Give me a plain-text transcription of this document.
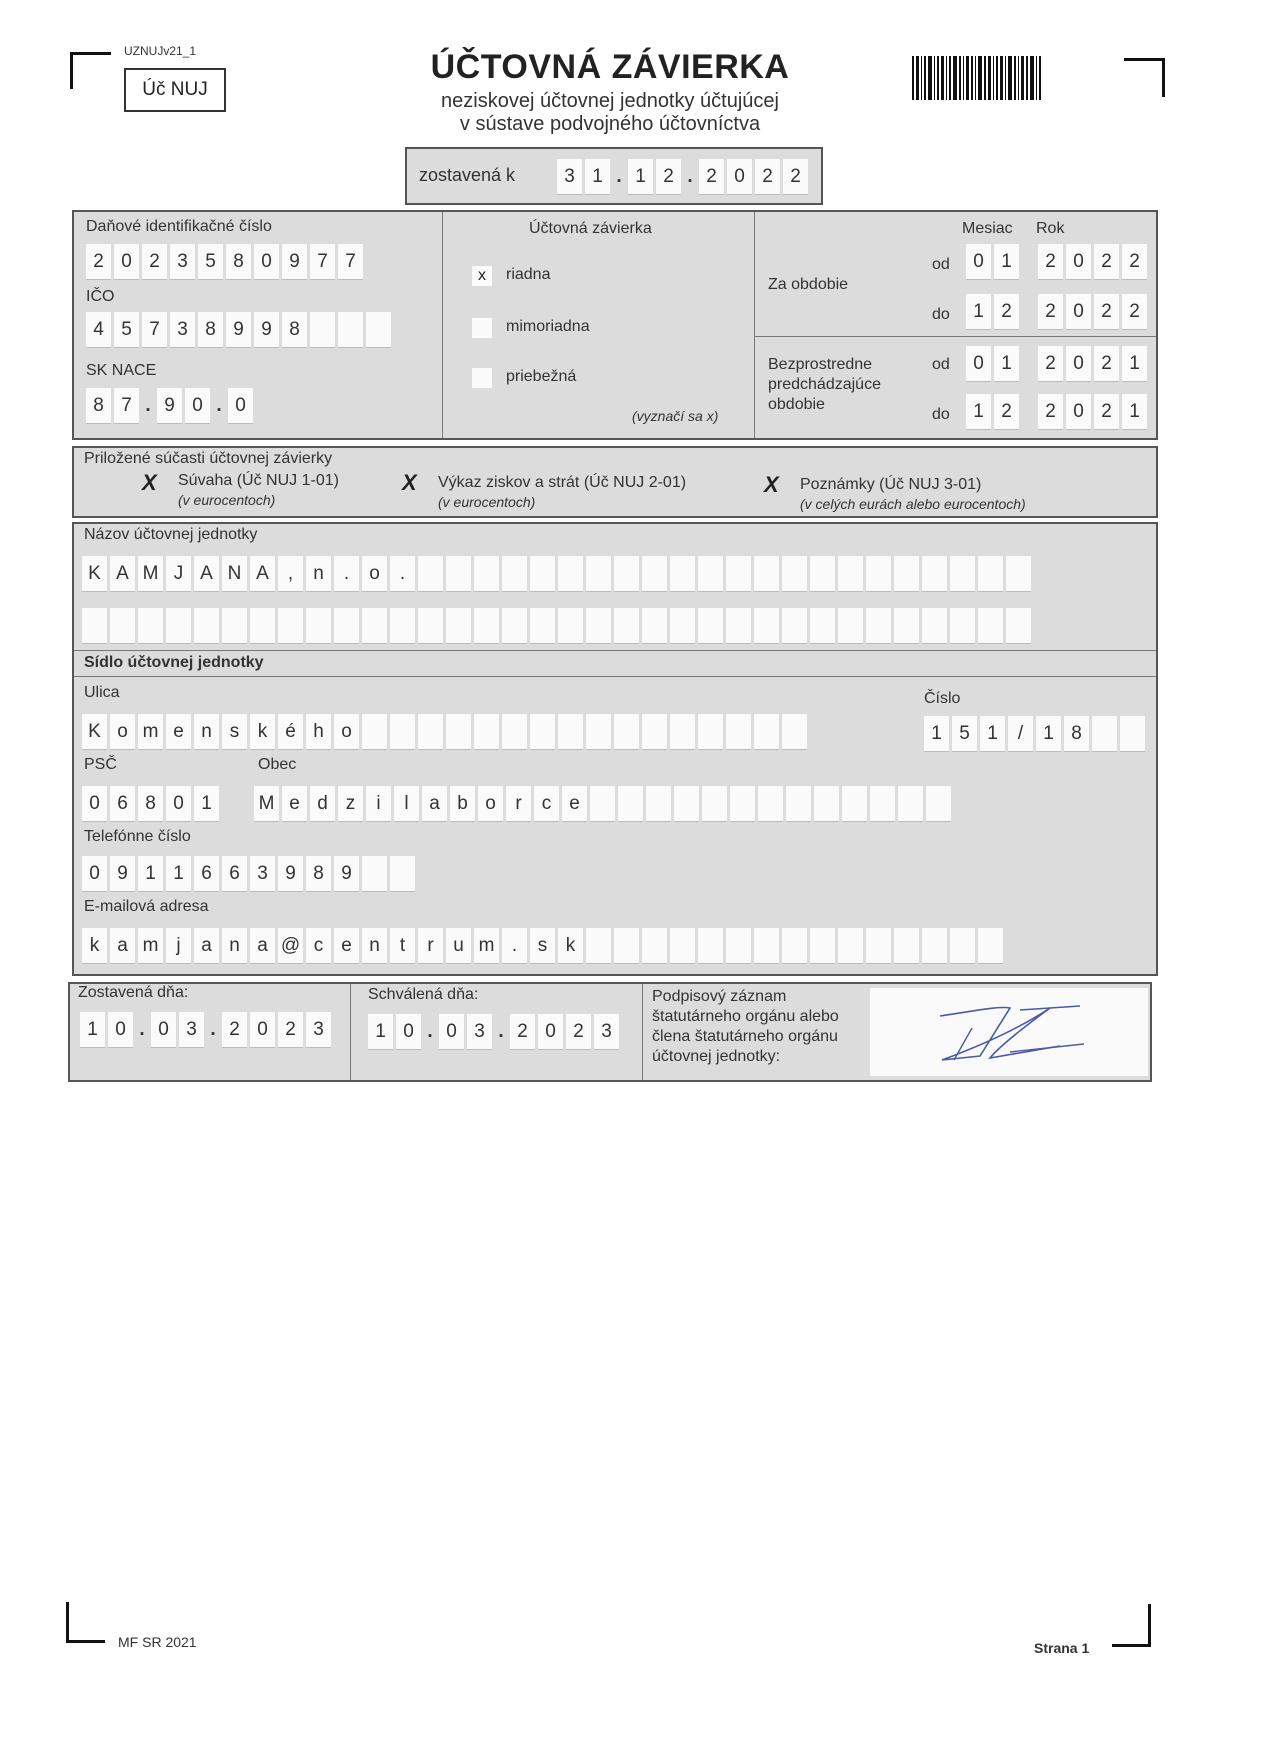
UZNUJv21_1
Úč NUJ
ÚČTOVNÁ ZÁVIERKA
neziskovej účtovnej jednotky účtujúcej
v sústave podvojného účtovníctva
zostavená k	3 1 . 1 2 . 2 0 2 2
Daňové identifikačné číslo
2 0 2 3 5 8 0 9 7 7
IČO
4 5 7 3 8 9 9 8
SK NACE
8 7 . 9 0 . 0
Účtovná závierka
x	riadna
mimoriadna
priebežná
(vyznačí sa x)
Mesiac Rok
Za obdobie
od	0 1	2 0 2 2
do	1 2	2 0 2 2
Bezprostredne
predchádzajúce
obdobie
od	0 1	2 0 2 1
do	1 2	2 0 2 1
Priložené súčasti účtovnej závierky
X Súvaha (Úč NUJ 1-01)
(v eurocentoch)
X Výkaz ziskov a strát (Úč NUJ 2-01)
(v eurocentoch)
X Poznámky (Úč NUJ 3-01)
(v celých eurách alebo eurocentoch)
Názov účtovnej jednotky
K A M J A N A	,	n	.	o	.
Sídlo účtovnej jednotky
Ulica
K o m e n s k é h o
Číslo
1 5 1	/	1 8
PSČ
0 6 8 0 1
Obec
M e d z	i	l	a b o	r	c e
Telefónne číslo
0 9 1 1 6 6 3 9 8 9
E-mailová adresa
k a m j	a n a @ c e n	t	r	u m .	s k
Zostavená dňa:
1 0 . 0 3 . 2 0 2 3
Schválená dňa:
1 0 . 0 3 . 2 0 2 3
Podpisový záznam
štatutárneho orgánu alebo
člena štatutárneho orgánu
účtovnej jednotky:
MF SR 2021	Strana 1
